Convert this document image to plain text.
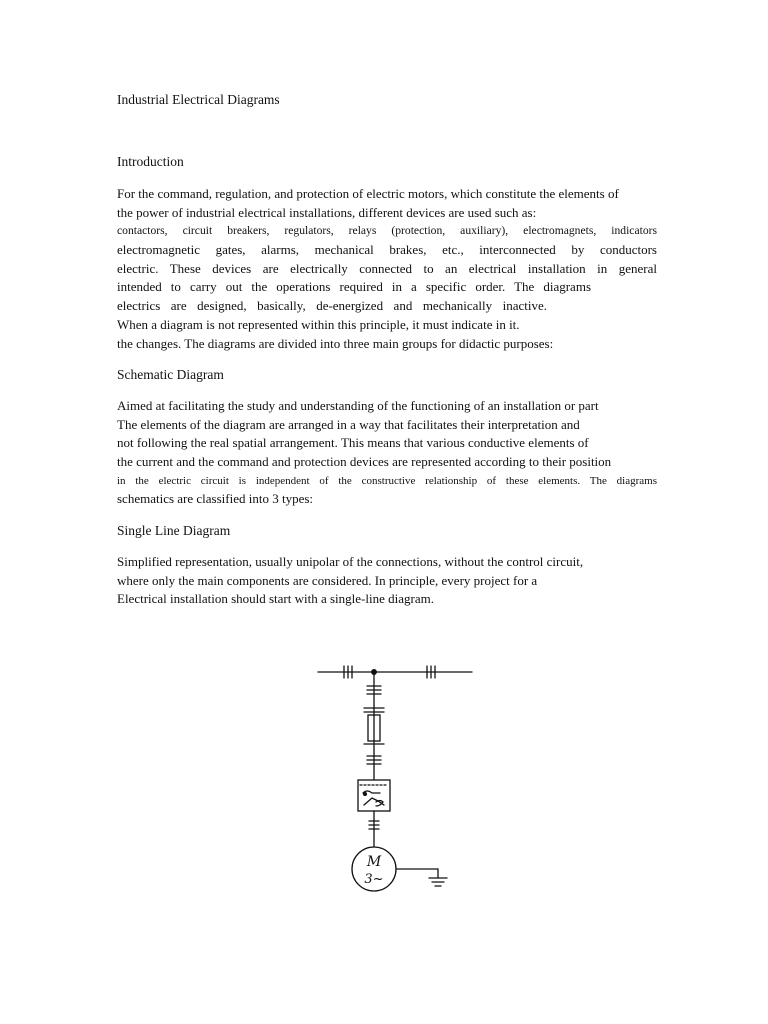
Industrial Electrical Diagrams
Introduction
For the command, regulation, and protection of electric motors, which constitute the elements of
the power of industrial electrical installations, different devices are used such as:
contactors, circuit breakers, regulators, relays (protection, auxiliary), electromagnets, indicators
electromagnetic gates, alarms, mechanical brakes, etc., interconnected by conductors
electric. These devices are electrically connected to an electrical installation in general
intended to carry out the operations required in a specific order. The diagrams
electrics are designed, basically, de-energized and mechanically inactive.
When a diagram is not represented within this principle, it must indicate in it.
the changes. The diagrams are divided into three main groups for didactic purposes:
Schematic Diagram
Aimed at facilitating the study and understanding of the functioning of an installation or part
The elements of the diagram are arranged in a way that facilitates their interpretation and
not following the real spatial arrangement. This means that various conductive elements of
the current and the command and protection devices are represented according to their position
in the electric circuit is independent of the constructive relationship of these elements. The diagrams
schematics are classified into 3 types:
Single Line Diagram
Simplified representation, usually unipolar of the connections, without the control circuit,
where only the main components are considered. In principle, every project for a
Electrical installation should start with a single-line diagram.
M
3~
